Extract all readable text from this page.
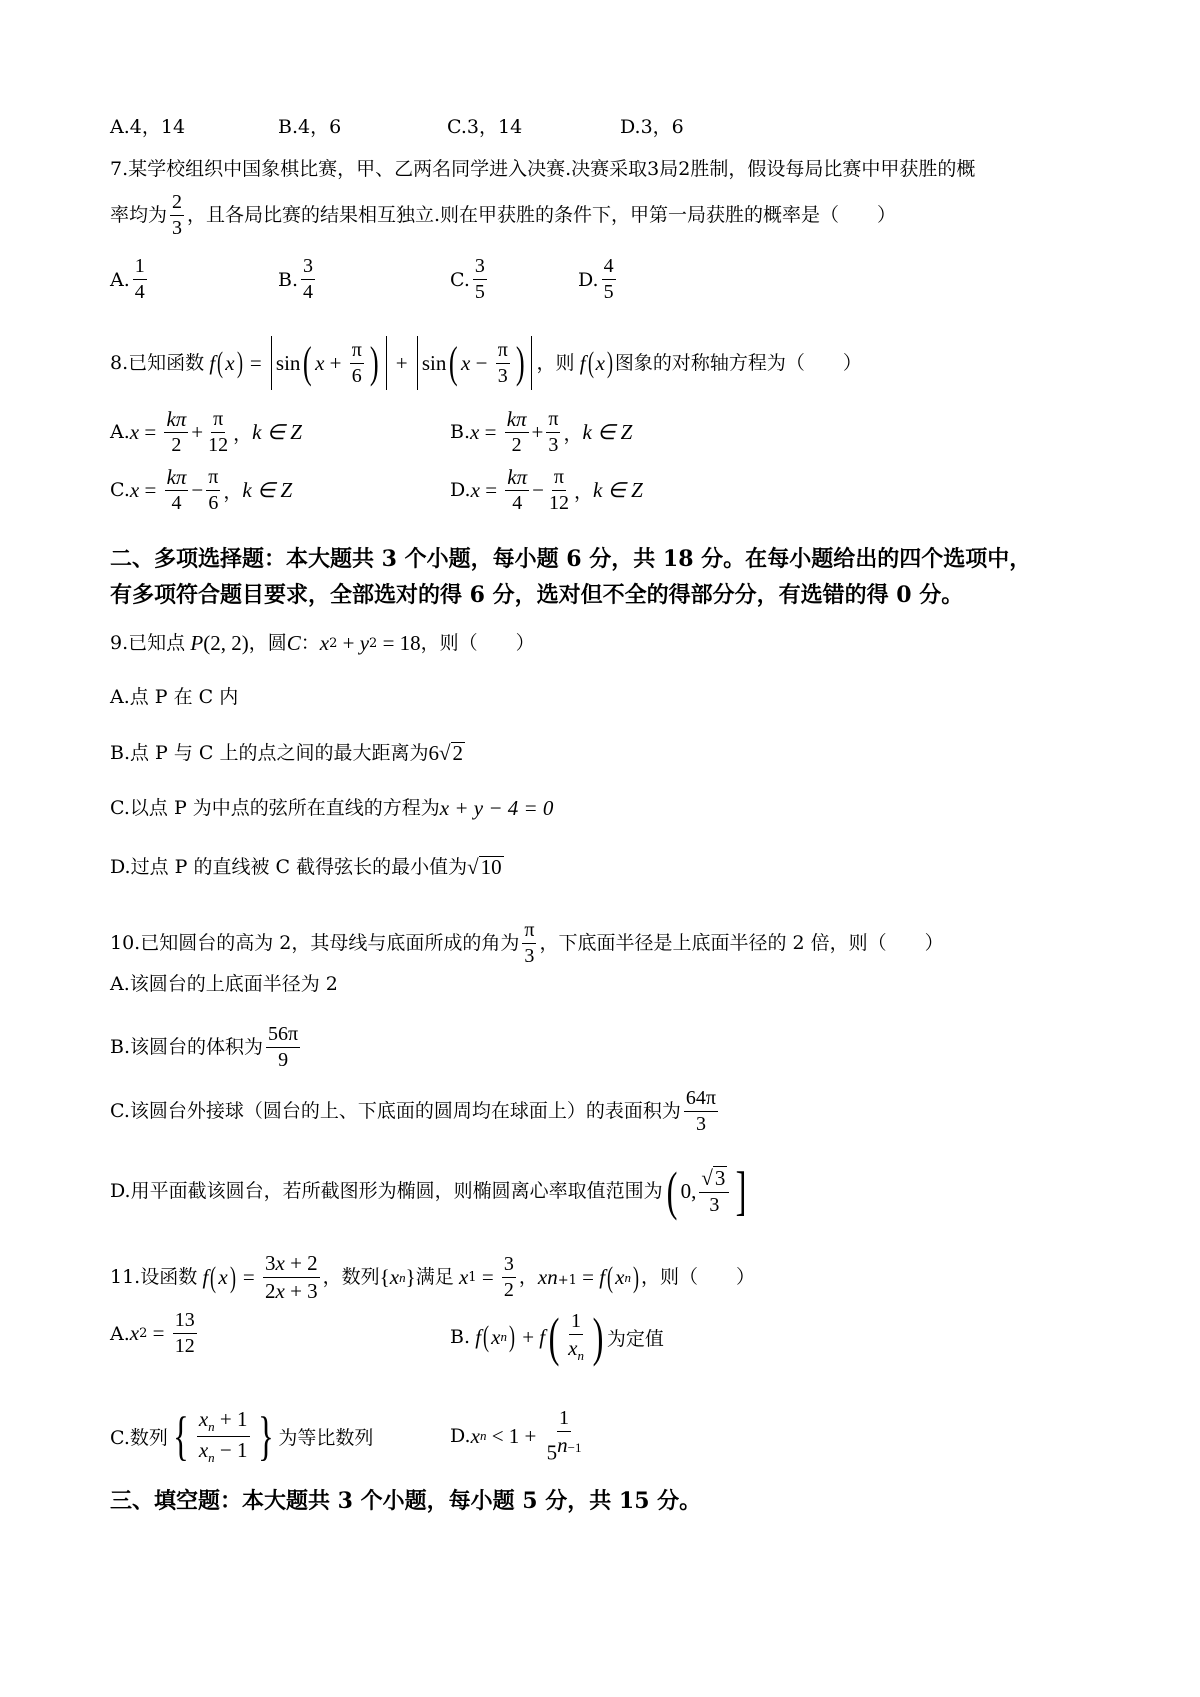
A.4，14	B.4，6	C.3，14	D.3，6
7.某学校组织中国象棋比赛，甲、乙两名同学进入决赛.决赛采取3局2胜制，假设每局比赛中甲获胜的概
率均为 $\frac{2}{3}$ ，且各局比赛的结果相互独立.则在甲获胜的条件下，甲第一局获胜的概率是（　　）
A. $\frac{1}{4}$	B. $\frac{3}{4}$	C. $\frac{3}{5}$	D. $\frac{4}{5}$
8.已知函数 f ( x ) = sin ( $x + \frac{\pi}{6}$ ) + sin ( $x - \frac{\pi}{3}$ ) ，则 f ( x ) 图象的对称轴方程为（　　）
A. $x = \frac{k\pi}{2} + \frac{\pi}{12}$ ， k ∈ Z	B. $x = \frac{k\pi}{2} + \frac{\pi}{3}$ ， k ∈ Z
C. $x = \frac{k\pi}{4} - \frac{\pi}{6}$ ， k ∈ Z	D. $x = \frac{k\pi}{4} - \frac{\pi}{12}$ ， k ∈ Z
二、多项选择题：本大题共 3 个小题，每小题 6 分，共 18 分。在每小题给出的四个选项中，
有多项符合题目要求，全部选对的得 6 分，选对但不全的得部分分，有选错的得 0 分。
9.已知点 P (2, 2) ，圆 C ： x 2 + y 2 = 18 ，则（　　）
A.点 P 在 C 内
B.点 P 与 C 上的点之间的最大距离为 6 √ 2
C.以点 P 为中点的弦所在直线的方程为 x + y − 4 = 0
D.过点 P 的直线被 C 截得弦长的最小值为 √ 10
10.已知圆台的高为 2，其母线与底面所成的角为 $\frac{\pi}{3}$ ，下底面半径是上底面半径的 2 倍，则（　　）
A.该圆台的上底面半径为 2
B.该圆台的体积为 $\frac{56\pi}{9}$
C.该圆台外接球（圆台的上、下底面的圆周均在球面上）的表面积为 $\frac{64\pi}{3}$
D.用平面截该圆台，若所截图形为椭圆，则椭圆离心率取值范围为 ( 0, $\frac{√ 3}{3}$ ]
11.设函数 f ( x ) = $\frac{3x + 2}{2x + 3}$ ，数列 { x n } 满足 x $1 = \frac{3}{2}$ ， x n+1 = f ( x n ) ，则（　　）
A. x $2 = \frac{13}{12}$	B. f ( x n ) + f ( $\frac{1}{x_n}$ ) 为定值
C.数列 { $\frac{x_n + 1}{x_n - 1}$ } 为等比数列	D. x $n < 1 + \frac{1}{5^{n-1}}$
三、填空题：本大题共 3 个小题，每小题 5 分，共 15 分。
